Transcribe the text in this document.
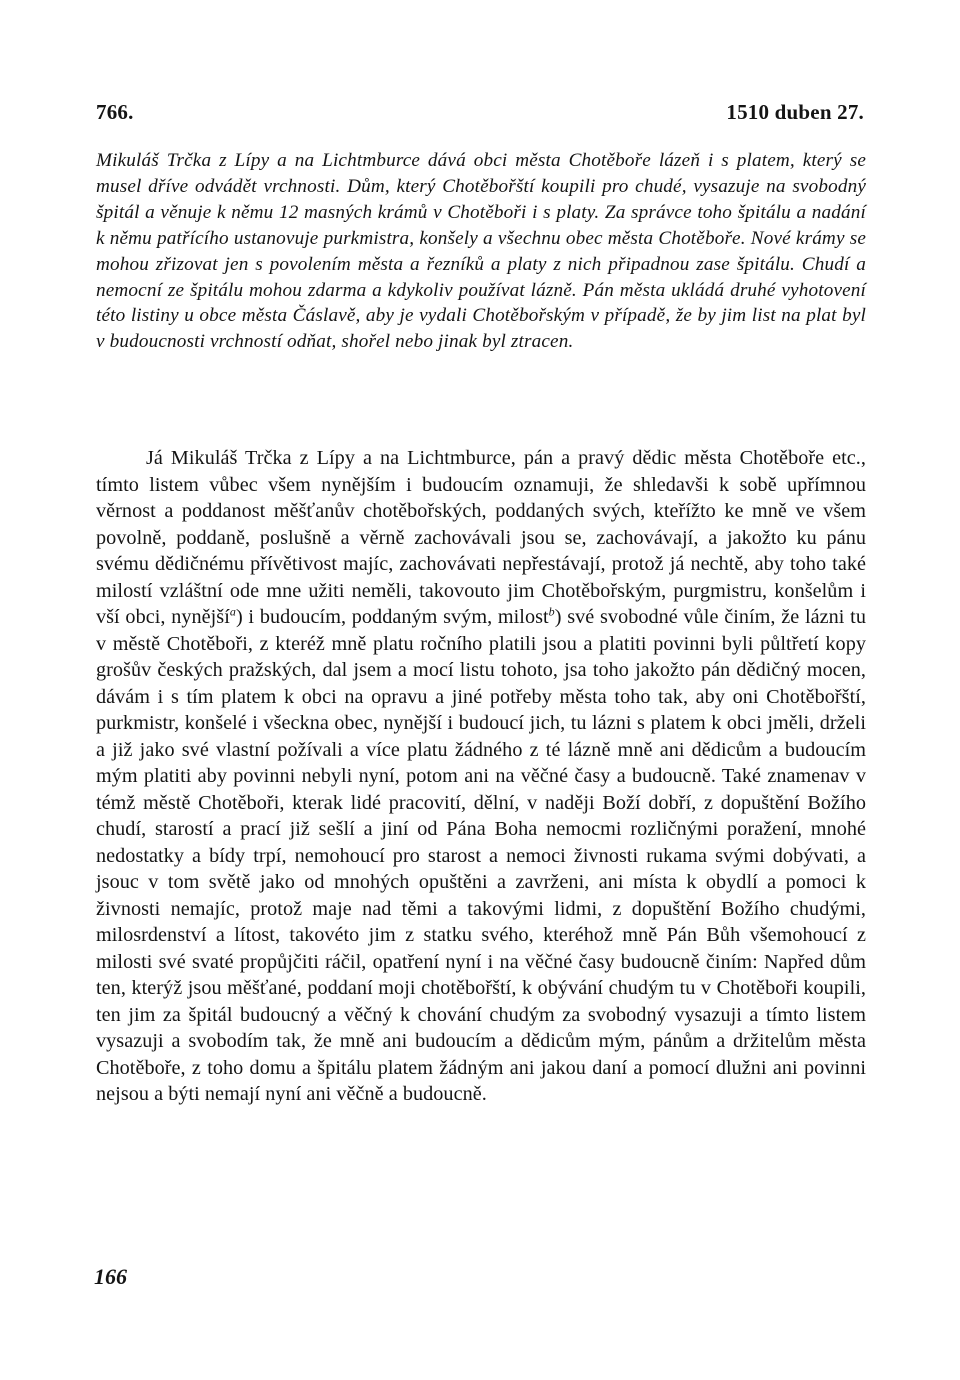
766.	1510 duben 27.

Mikuláš Trčka z Lípy a na Lichtmburce dává obci města Chotěboře lázeň i s platem, který se musel dříve odvádět vrchnosti. Dům, který Chotěbořští koupili pro chudé, vysazuje na svobodný špitál a věnuje k němu 12 masných krámů v Chotěboři i s platy. Za správce toho špitálu a nadání k němu patřícího ustanovuje purkmistra, konšely a všechnu obec města Chotěboře. Nové krámy se mohou zřizovat jen s povolením města a řezníků a platy z nich připadnou zase špitálu. Chudí a nemocní ze špitálu mohou zdarma a kdykoliv používat lázně. Pán města ukládá druhé vyhotovení této listiny u obce města Čáslavě, aby je vydali Chotěbořským v případě, že by jim list na plat byl v budoucnosti vrchností odňat, shořel nebo jinak byl ztracen.

Já Mikuláš Trčka z Lípy a na Lichtmburce, pán a pravý dědic města Chotěboře etc., tímto listem vůbec všem nynějším i budoucím oznamuji, že shledavši k sobě upřímnou věrnost a poddanost měšťanův chotěbořských, poddaných svých, kteřížto ke mně ve všem povolně, poddaně, poslušně a věrně zachovávali jsou se, zachovávají, a jakožto ku pánu svému dědičnému přívětivost majíc, zachovávati nepřestávají, protož já nechtě, aby toho také milostí vzláštní ode mne užiti neměli, takovouto jim Chotěbořským, purgmistru, konšelům i vší obci, nynější$^a$) i budoucím, poddaným svým, milost$^b$) své svobodné vůle činím, že lázni tu v městě Chotěboři, z kteréž mně platu ročního platili jsou a platiti povinni byli půltřetí kopy grošův českých pražských, dal jsem a mocí listu tohoto, jsa toho jakožto pán dědičný mocen, dávám i s tím platem k obci na opravu a jiné potřeby města toho tak, aby oni Chotěbořští, purkmistr, konšelé i všeckna obec, nynější i budoucí jich, tu lázni s platem k obci jměli, drželi a již jako své vlastní požívali a více platu žádného z té lázně mně ani dědicům a budoucím mým platiti aby povinni nebyli nyní, potom ani na věčné časy a budoucně. Také znamenav v témž městě Chotěboři, kterak lidé pracovití, dělní, v naději Boží dobří, z dopuštění Božího chudí, starostí a prací již sešlí a jiní od Pána Boha nemocmi rozličnými poražení, mnohé nedostatky a bídy trpí, nemohoucí pro starost a nemoci živnosti rukama svými dobývati, a jsouc v tom světě jako od mnohých opuštěni a zavrženi, ani místa k obydlí a pomoci k živnosti nemajíc, protož maje nad těmi a takovými lidmi, z dopuštění Božího chudými, milosrdenství a lítost, takovéto jim z statku svého, kteréhož mně Pán Bůh všemohoucí z milosti své svaté propůjčiti ráčil, opatření nyní i na věčné časy budoucně činím: Napřed dům ten, kterýž jsou měšťané, poddaní moji chotěbořští, k obývání chudým tu v Chotěboři koupili, ten jim za špitál budoucný a věčný k chování chudým za svobodný vysazuji a tímto listem vysazuji a svobodím tak, že mně ani budoucím a dědicům mým, pánům a držitelům města Chotěboře, z toho domu a špitálu platem žádným ani jakou daní a pomocí dlužni ani povinni nejsou a býti nemají nyní ani věčně a budoucně.

166
